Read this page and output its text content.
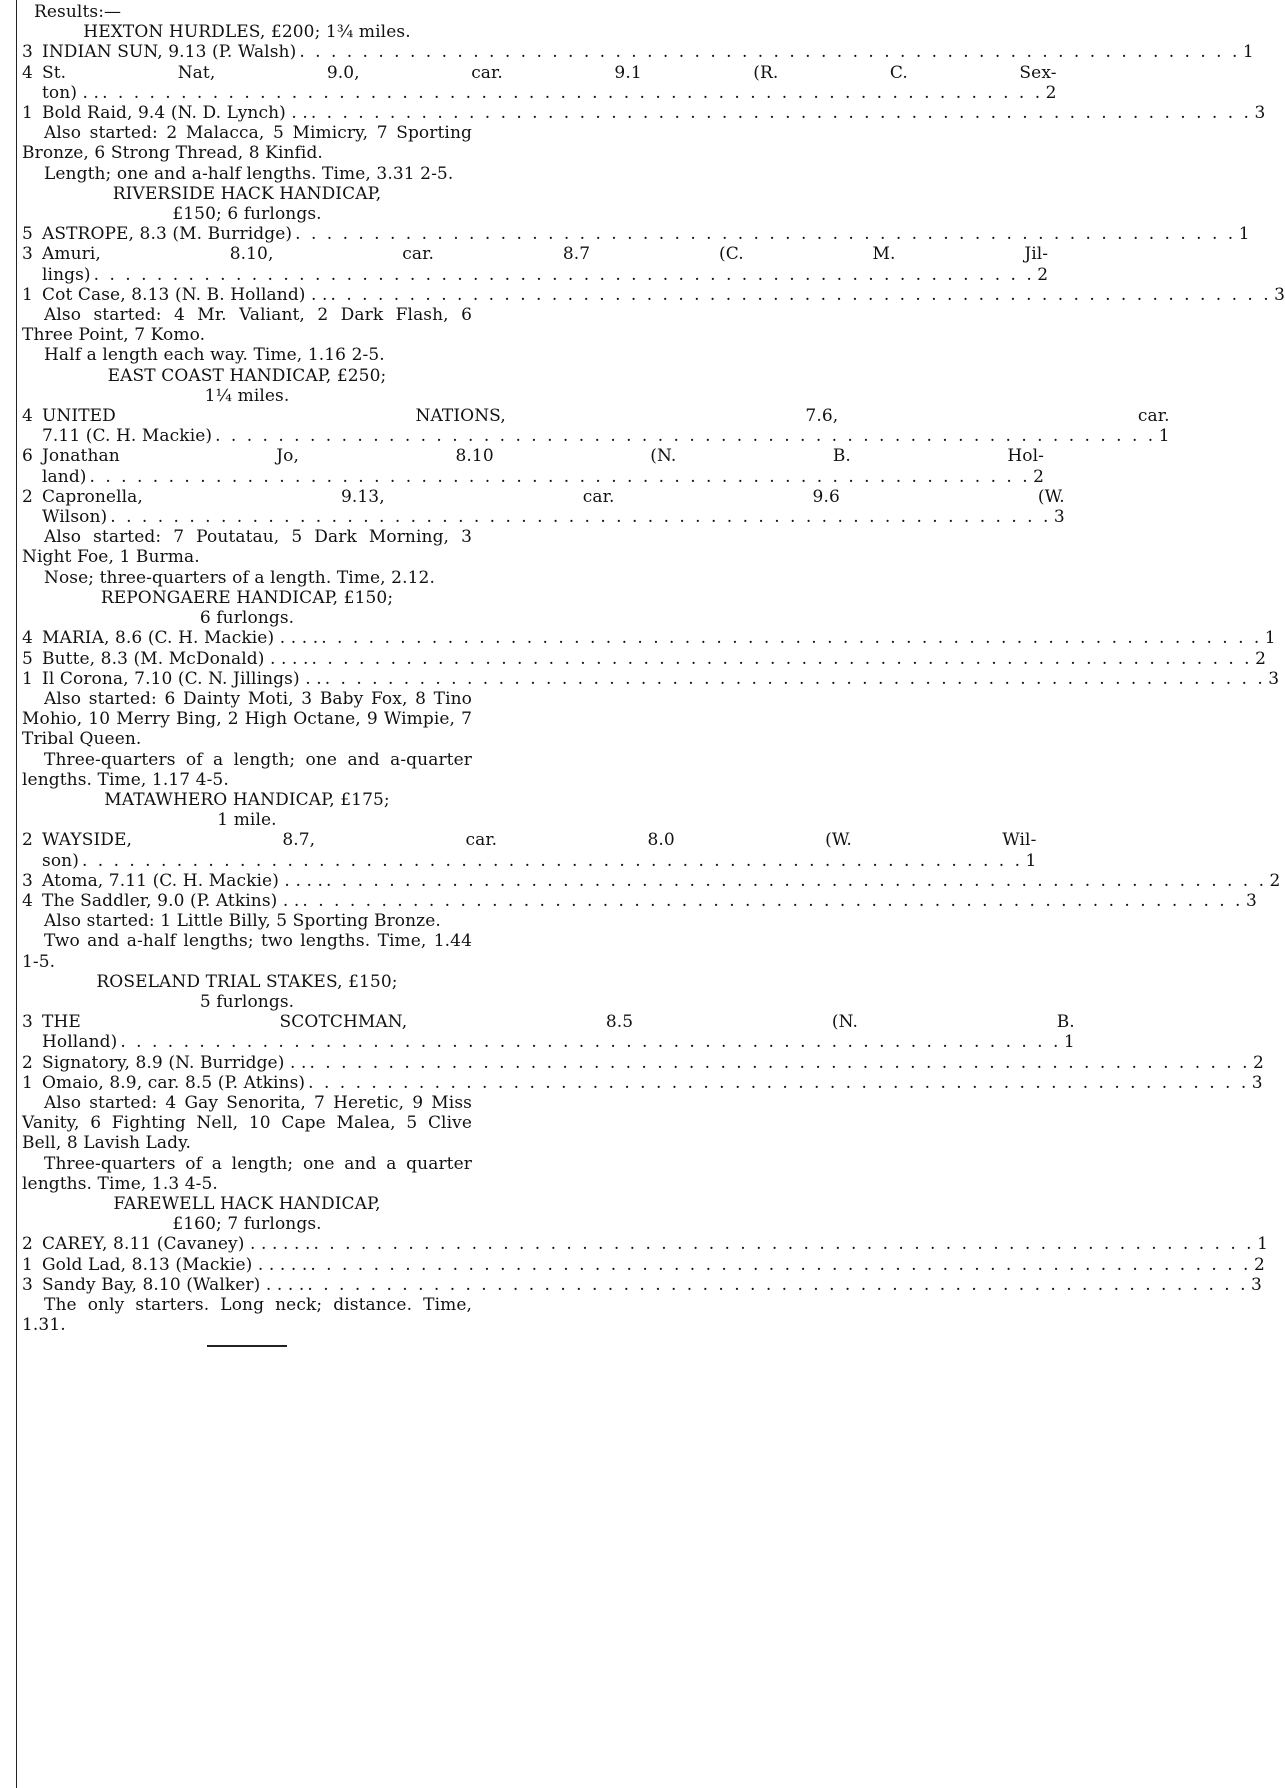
Results:—
HEXTON HURDLES, £200; 1¾ miles.
3 INDIAN SUN, 9.13 (P. Walsh) . . . . . . . . . . . . . . . . . . . . . . . . . . . . . . . . . . . . . . . . . . . . . . . . . . . . . . . . . . . . 1
4 St. Nat, 9.0, car. 9.1 (R. C. Sex-
ton) . . . . . . . . . . . . . . . . . . . . . . . . . . . . . . . . . . . . . . . . . . . . . . . . . . . . . . . . . . . . . . 2
1 Bold Raid, 9.4 (N. D. Lynch) . . . . . . . . . . . . . . . . . . . . . . . . . . . . . . . . . . . . . . . . . . . . . . . . . . . . . . . . . . . . . . 3
Also started: 2 Malacca, 5 Mimicry, 7 Sporting Bronze, 6 Strong Thread, 8 Kinfid.
Length; one and a-half lengths. Time, 3.31 2-5.
RIVERSIDE HACK HANDICAP,
£150; 6 furlongs.
5 ASTROPE, 8.3 (M. Burridge) . . . . . . . . . . . . . . . . . . . . . . . . . . . . . . . . . . . . . . . . . . . . . . . . . . . . . . . . . . . . 1
3 Amuri, 8.10, car. 8.7 (C. M. Jil-
lings) . . . . . . . . . . . . . . . . . . . . . . . . . . . . . . . . . . . . . . . . . . . . . . . . . . . . . . . . . . . . 2
1 Cot Case, 8.13 (N. B. Holland) . . . . . . . . . . . . . . . . . . . . . . . . . . . . . . . . . . . . . . . . . . . . . . . . . . . . . . . . . . . . . . 3
Also started: 4 Mr. Valiant, 2 Dark Flash, 6 Three Point, 7 Komo.
Half a length each way. Time, 1.16 2-5.
EAST COAST HANDICAP, £250;
1¼ miles.
4 UNITED NATIONS, 7.6, car.
7.11 (C. H. Mackie) . . . . . . . . . . . . . . . . . . . . . . . . . . . . . . . . . . . . . . . . . . . . . . . . . . . . . . . . . . . . 1
6 Jonathan Jo, 8.10 (N. B. Hol-
land) . . . . . . . . . . . . . . . . . . . . . . . . . . . . . . . . . . . . . . . . . . . . . . . . . . . . . . . . . . . . 2
2 Capronella, 9.13, car. 9.6 (W.
Wilson) . . . . . . . . . . . . . . . . . . . . . . . . . . . . . . . . . . . . . . . . . . . . . . . . . . . . . . . . . . . . 3
Also started: 7 Poutatau, 5 Dark Morning, 3 Night Foe, 1 Burma.
Nose; three-quarters of a length. Time, 2.12.
REPONGAERE HANDICAP, £150;
6 furlongs.
4 MARIA, 8.6 (C. H. Mackie) . . . . . . . . . . . . . . . . . . . . . . . . . . . . . . . . . . . . . . . . . . . . . . . . . . . . . . . . . . . . . . . . 1
5 Butte, 8.3 (M. McDonald) . . . . . . . . . . . . . . . . . . . . . . . . . . . . . . . . . . . . . . . . . . . . . . . . . . . . . . . . . . . . . . . . 2
1 Il Corona, 7.10 (C. N. Jillings) . . . . . . . . . . . . . . . . . . . . . . . . . . . . . . . . . . . . . . . . . . . . . . . . . . . . . . . . . . . . . . 3
Also started: 6 Dainty Moti, 3 Baby Fox, 8 Tino Mohio, 10 Merry Bing, 2 High Octane, 9 Wimpie, 7 Tribal Queen.
Three-quarters of a length; one and a-quarter lengths. Time, 1.17 4-5.
MATAWHERO HANDICAP, £175;
1 mile.
2 WAYSIDE, 8.7, car. 8.0 (W. Wil-
son) . . . . . . . . . . . . . . . . . . . . . . . . . . . . . . . . . . . . . . . . . . . . . . . . . . . . . . . . . . . . 1
3 Atoma, 7.11 (C. H. Mackie) . . . . . . . . . . . . . . . . . . . . . . . . . . . . . . . . . . . . . . . . . . . . . . . . . . . . . . . . . . . . . . . . 2
4 The Saddler, 9.0 (P. Atkins) . . . . . . . . . . . . . . . . . . . . . . . . . . . . . . . . . . . . . . . . . . . . . . . . . . . . . . . . . . . . . . 3
Also started: 1 Little Billy, 5 Sporting Bronze.
Two and a-half lengths; two lengths. Time, 1.44 1-5.
ROSELAND TRIAL STAKES, £150;
5 furlongs.
3 THE SCOTCHMAN, 8.5 (N. B.
Holland) . . . . . . . . . . . . . . . . . . . . . . . . . . . . . . . . . . . . . . . . . . . . . . . . . . . . . . . . . . . . 1
2 Signatory, 8.9 (N. Burridge) . . . . . . . . . . . . . . . . . . . . . . . . . . . . . . . . . . . . . . . . . . . . . . . . . . . . . . . . . . . . . . 2
1 Omaio, 8.9, car. 8.5 (P. Atkins) . . . . . . . . . . . . . . . . . . . . . . . . . . . . . . . . . . . . . . . . . . . . . . . . . . . . . . . . . . . . 3
Also started: 4 Gay Senorita, 7 Heretic, 9 Miss Vanity, 6 Fighting Nell, 10 Cape Malea, 5 Clive Bell, 8 Lavish Lady.
Three-quarters of a length; one and a quarter lengths. Time, 1.3 4-5.
FAREWELL HACK HANDICAP,
£160; 7 furlongs.
2 CAREY, 8.11 (Cavaney) . . . . . . . . . . . . . . . . . . . . . . . . . . . . . . . . . . . . . . . . . . . . . . . . . . . . . . . . . . . . . . . . . . 1
1 Gold Lad, 8.13 (Mackie) . . . . . . . . . . . . . . . . . . . . . . . . . . . . . . . . . . . . . . . . . . . . . . . . . . . . . . . . . . . . . . . . . 2
3 Sandy Bay, 8.10 (Walker) . . . . . . . . . . . . . . . . . . . . . . . . . . . . . . . . . . . . . . . . . . . . . . . . . . . . . . . . . . . . . . . . 3
The only starters. Long neck; distance. Time, 1.31.
